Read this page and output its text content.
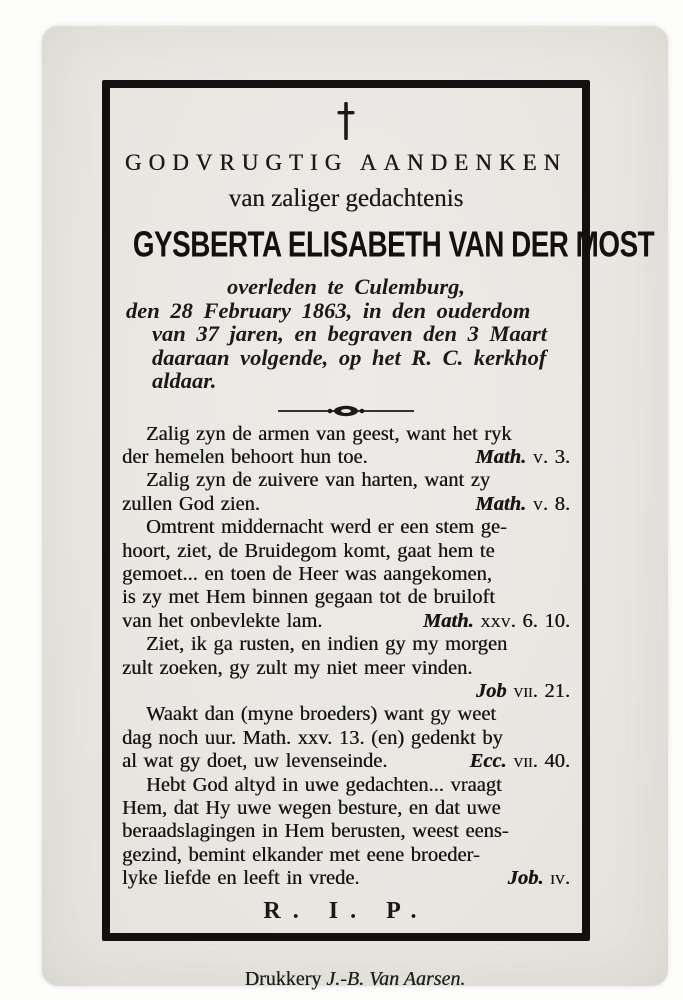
GODVRUGTIG AANDENKEN
van zaliger gedachtenis
GYSBERTA ELISABETH VAN DER MOST
overleden te Culemburg,
den 28 February 1863, in den ouderdom
van 37 jaren, en begraven den 3 Maart
daaraan volgende, op het R. C. kerkhof
aldaar.
Zalig zyn de armen van geest, want het ryk
der hemelen behoort hun toe.	Math. v. 3.
Zalig zyn de zuivere van harten, want zy
zullen God zien.	Math. v. 8.
Omtrent middernacht werd er een stem ge-
hoort, ziet, de Bruidegom komt, gaat hem te
gemoet... en toen de Heer was aangekomen,
is zy met Hem binnen gegaan tot de bruiloft
van het onbevlekte lam.	Math. xxv. 6. 10.
Ziet, ik ga rusten, en indien gy my morgen
zult zoeken, gy zult my niet meer vinden.
Job vii. 21.
Waakt dan (myne broeders) want gy weet
dag noch uur. Math. xxv. 13. (en) gedenkt by
al wat gy doet, uw levenseinde.	Ecc. vii. 40.
Hebt God altyd in uwe gedachten... vraagt
Hem, dat Hy uwe wegen besture, en dat uwe
beraadslagingen in Hem berusten, weest eens-
gezind, bemint elkander met eene broeder-
lyke liefde en leeft in vrede.	Job. iv.
R. I. P.
Drukkery J.-B. Van Aarsen.
